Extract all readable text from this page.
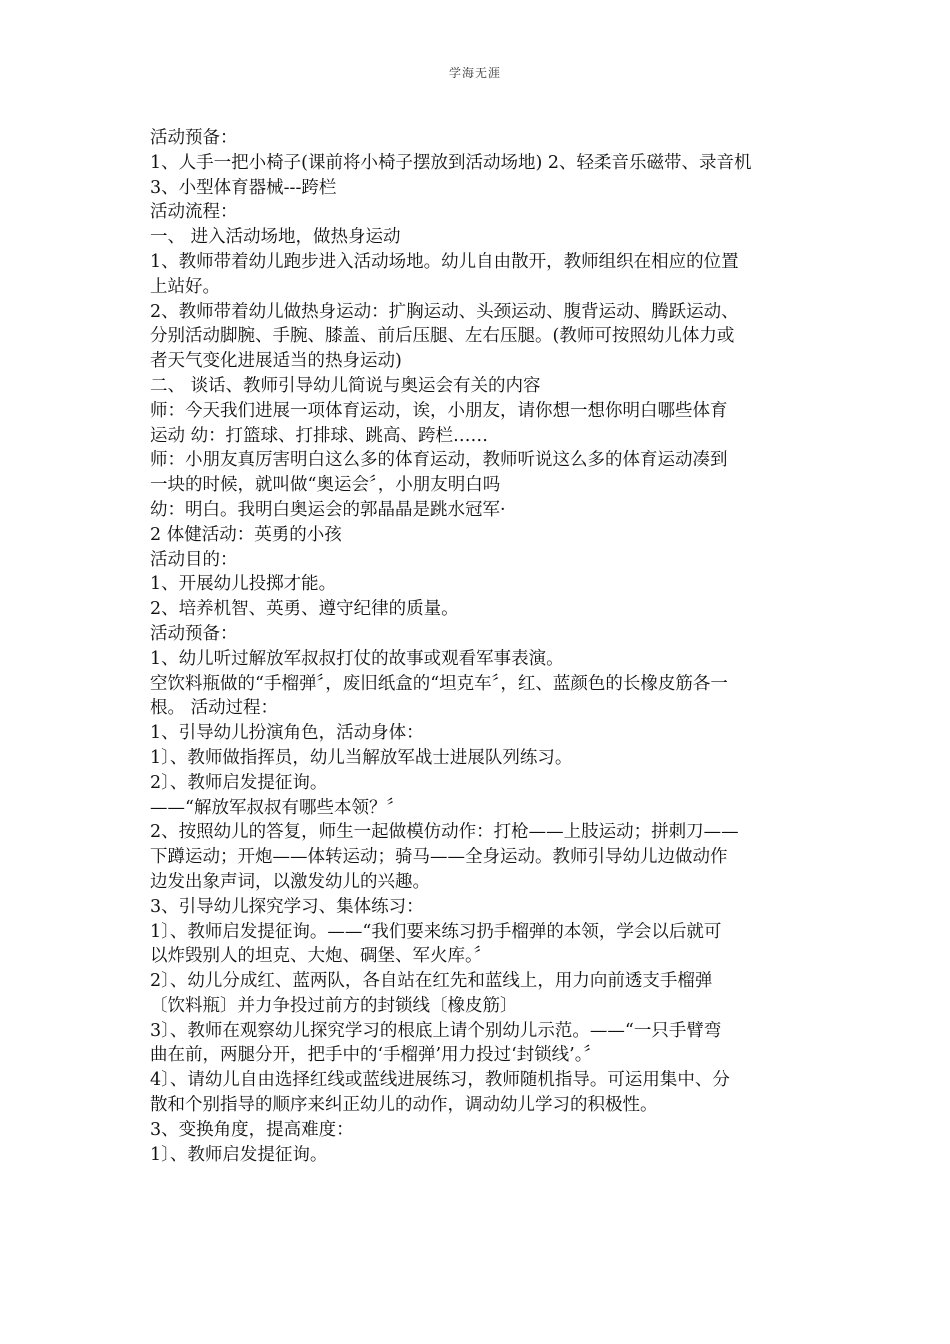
学海无涯
活动预备：
1、人手一把小椅子(课前将小椅子摆放到活动场地) 2、轻柔音乐磁带、录音机
3、小型体育器械---跨栏
活动流程：
一、 进入活动场地，做热身运动
1、教师带着幼儿跑步进入活动场地。幼儿自由散开，教师组织在相应的位置
上站好。
2、教师带着幼儿做热身运动：扩胸运动、头颈运动、腹背运动、腾跃运动、
分别活动脚腕、手腕、膝盖、前后压腿、左右压腿。(教师可按照幼儿体力或
者天气变化进展适当的热身运动)
二、 谈话、教师引导幼儿简说与奥运会有关的内容
师：今天我们进展一项体育运动，诶，小朋友，请你想一想你明白哪些体育
运动 幼：打篮球、打排球、跳高、跨栏……
师：小朋友真厉害明白这么多的体育运动，教师听说这么多的体育运动凑到
一块的时候，就叫做“奥运会〞，小朋友明白吗
幼：明白。我明白奥运会的郭晶晶是跳水冠军·
2 体健活动：英勇的小孩
活动目的：
1、开展幼儿投掷才能。
2、培养机智、英勇、遵守纪律的质量。
活动预备：
1、幼儿听过解放军叔叔打仗的故事或观看军事表演。
空饮料瓶做的“手榴弹〞，废旧纸盒的“坦克车〞，红、蓝颜色的长橡皮筋各一
根。 活动过程：
1、引导幼儿扮演角色，活动身体：
1〕、教师做指挥员，幼儿当解放军战士进展队列练习。
2〕、教师启发提征询。
——“解放军叔叔有哪些本领？〞
2、按照幼儿的答复，师生一起做模仿动作：打枪——上肢运动；拼刺刀——
下蹲运动；开炮——体转运动；骑马——全身运动。教师引导幼儿边做动作
边发出象声词，以激发幼儿的兴趣。
3、引导幼儿探究学习、集体练习：
1〕、教师启发提征询。——“我们要来练习扔手榴弹的本领，学会以后就可
以炸毁别人的坦克、大炮、碉堡、军火库。〞
2〕、幼儿分成红、蓝两队，各自站在红先和蓝线上，用力向前透支手榴弹
〔饮料瓶〕并力争投过前方的封锁线〔橡皮筋〕
3〕、教师在观察幼儿探究学习的根底上请个别幼儿示范。——“一只手臂弯
曲在前，两腿分开，把手中的‘手榴弹’用力投过‘封锁线’。〞
4〕、请幼儿自由选择红线或蓝线进展练习，教师随机指导。可运用集中、分
散和个别指导的顺序来纠正幼儿的动作，调动幼儿学习的积极性。
3、变换角度，提高难度：
1〕、教师启发提征询。
